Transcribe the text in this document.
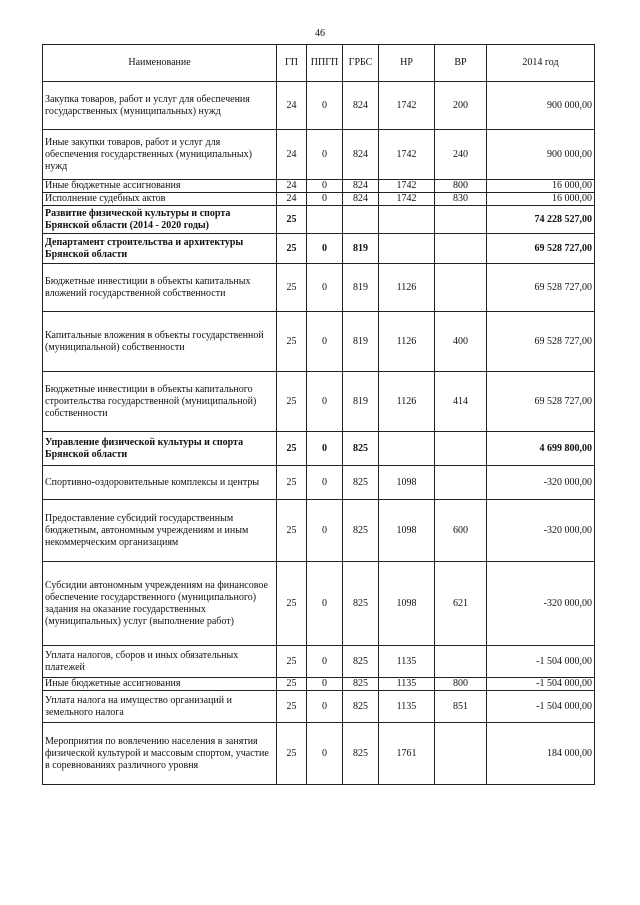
46
Наименование	ГП	ППГП	ГРБС	НР	ВР	2014 год
Закупка товаров, работ и услуг для обеспечения государственных (муниципальных) нужд	24	0	824	1742	200	900 000,00
Иные закупки товаров, работ и услуг для обеспечения государственных (муниципальных) нужд	24	0	824	1742	240	900 000,00
Иные бюджетные ассигнования	24	0	824	1742	800	16 000,00
Исполнение судебных актов	24	0	824	1742	830	16 000,00
Развитие физической культуры и спорта Брянской области (2014 - 2020 годы)	25					74 228 527,00
Департамент строительства и архитектуры Брянской области	25	0	819			69 528 727,00
Бюджетные инвестиции в объекты капитальных вложений государственной собственности	25	0	819	1126		69 528 727,00
Капитальные вложения в объекты государственной (муниципальной) собственности	25	0	819	1126	400	69 528 727,00
Бюджетные инвестиции в объекты капитального строительства государственной (муниципальной) собственности	25	0	819	1126	414	69 528 727,00
Управление физической культуры и спорта Брянской области	25	0	825			4 699 800,00
Спортивно-оздоровительные комплексы и центры	25	0	825	1098		-320 000,00
Предоставление субсидий государственным бюджетным, автономным учреждениям и иным некоммерческим организациям	25	0	825	1098	600	-320 000,00
Субсидии автономным учреждениям на финансовое обеспечение государственного (муниципального) задания на оказание государственных (муниципальных) услуг (выполнение работ)	25	0	825	1098	621	-320 000,00
Уплата налогов, сборов и иных обязательных платежей	25	0	825	1135		-1 504 000,00
Иные бюджетные ассигнования	25	0	825	1135	800	-1 504 000,00
Уплата налога на имущество организаций и земельного налога	25	0	825	1135	851	-1 504 000,00
Мероприятия по вовлечению населения в занятия физической культурой и массовым спортом, участие в соревнованиях различного уровня	25	0	825	1761		184 000,00
